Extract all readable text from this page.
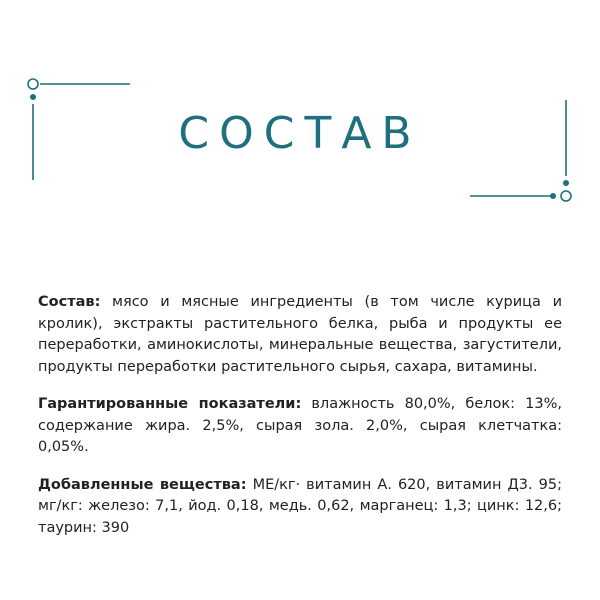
СОСТАВ

Состав: мясо и мясные ингредиенты (в том числе курица и кролик), экстракты растительного белка, рыба и продукты ее переработки, аминокислоты, минеральные вещества, загустители, продукты переработки растительного сырья, сахара, витамины.

Гарантированные показатели: влажность 80,0%, белок: 13%, содержание жира. 2,5%, сырая зола. 2,0%, сырая клетчатка: 0,05%.

Добавленные вещества: МЕ/кг· витамин А. 620, витамин Д3. 95; мг/кг: железо: 7,1, йод. 0,18, медь. 0,62, марганец: 1,3; цинк: 12,6; таурин: 390
